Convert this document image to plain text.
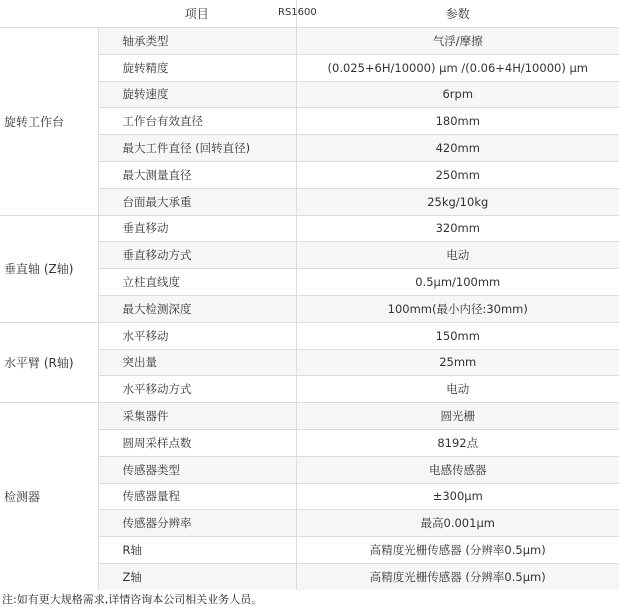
	项目 RS1600	参数
旋转工作台	轴承类型	气浮/摩擦
	旋转精度	(0.025+6H/10000) μm /(0.06+4H/10000) μm
	旋转速度	6rpm
	工作台有效直径	180mm
	最大工件直径 (回转直径)	420mm
	最大测量直径	250mm
	台面最大承重	25kg/10kg
垂直轴 (Z轴)	垂直移动	320mm
	垂直移动方式	电动
	立柱直线度	0.5μm/100mm
	最大检测深度	100mm(最小内径:30mm)
水平臂 (R轴)	水平移动	150mm
	突出量	25mm
	水平移动方式	电动
检测器	采集器件	圆光栅
	圆周采样点数	8192点
	传感器类型	电感传感器
	传感器量程	±300μm
	传感器分辨率	最高0.001μm
	R轴	高精度光栅传感器 (分辨率0.5μm)
	Z轴	高精度光栅传感器 (分辨率0.5μm)
注:如有更大规格需求,详情咨询本公司相关业务人员。
